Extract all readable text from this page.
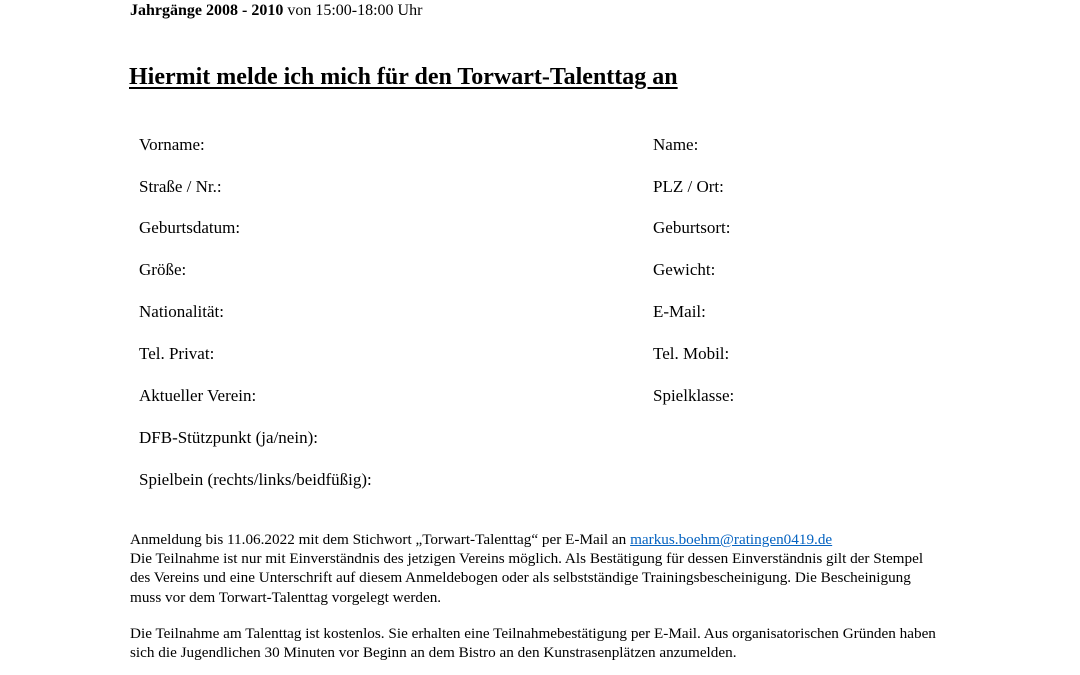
Jahrgänge 2008 - 2010 von 15:00-18:00 Uhr
Hiermit melde ich mich für den Torwart-Talenttag an
Vorname:
Straße / Nr.:
Geburtsdatum:
Größe:
Nationalität:
Tel. Privat:
Aktueller Verein:
DFB-Stützpunkt (ja/nein):
Spielbein (rechts/links/beidfüßig):
Name:
PLZ / Ort:
Geburtsort:
Gewicht:
E-Mail:
Tel. Mobil:
Spielklasse:

Anmeldung bis 11.06.2022 mit dem Stichwort „Torwart-Talenttag“ per E-Mail an markus.boehm@ratingen0419.de

Die Teilnahme ist nur mit Einverständnis des jetzigen Vereins möglich. Als Bestätigung für dessen Einverständnis gilt der Stempel des Vereins und eine Unterschrift auf diesem Anmeldebogen oder als selbstständige Trainingsbescheinigung. Die Bescheinigung muss vor dem Torwart-Talenttag vorgelegt werden.

Die Teilnahme am Talenttag ist kostenlos. Sie erhalten eine Teilnahmebestätigung per E-Mail. Aus organisatorischen Gründen haben sich die Jugendlichen 30 Minuten vor Beginn an dem Bistro an den Kunstrasenplätzen anzumelden.
